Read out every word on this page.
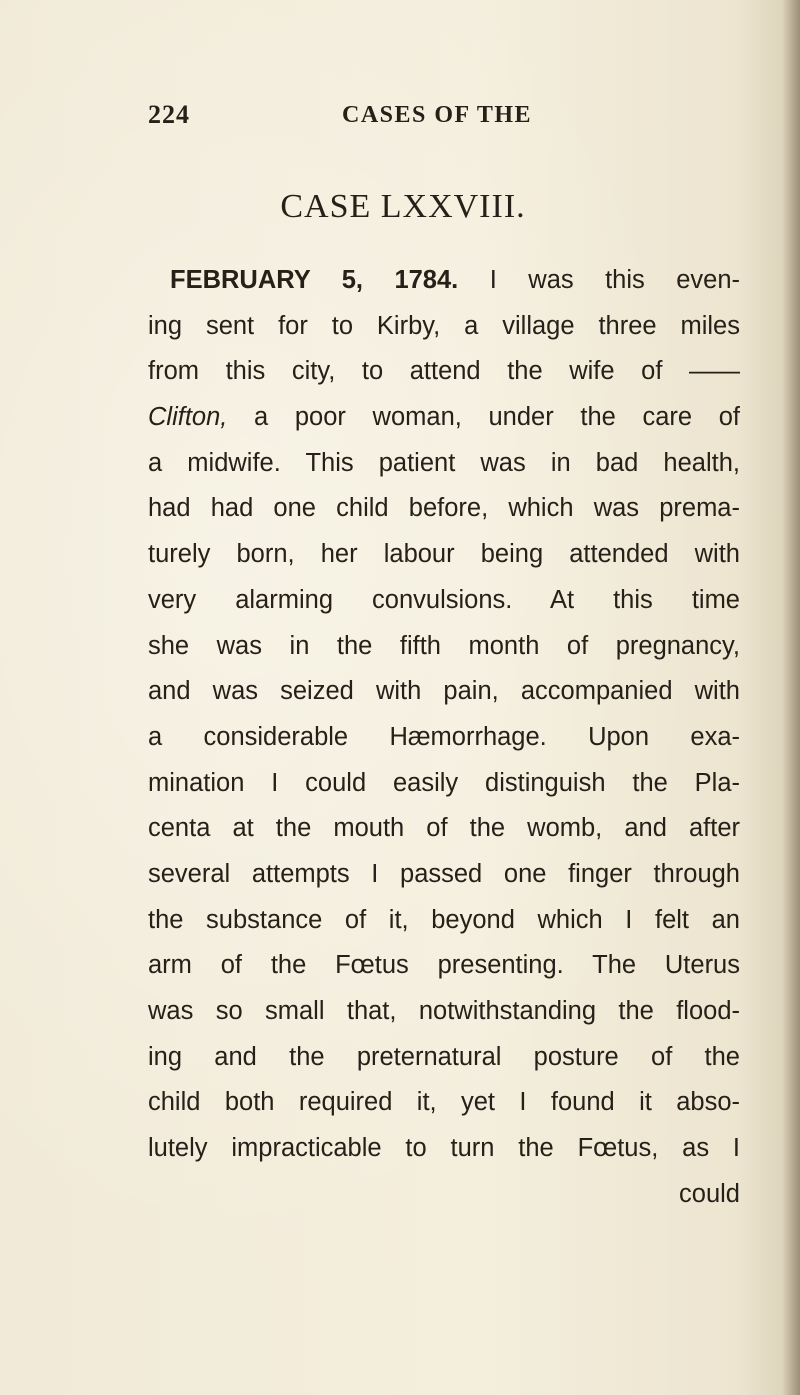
224	CASES OF THE
CASE LXXVIII.
FEBRUARY 5, 1784. I was this even-
ing sent for to Kirby, a village three miles
from this city, to attend the wife of ——
Clifton, a poor woman, under the care of
a midwife. This patient was in bad health,
had had one child before, which was prema-
turely born, her labour being attended with
very alarming convulsions. At this time
she was in the fifth month of pregnancy,
and was seized with pain, accompanied with
a considerable Hæmorrhage. Upon exa-
mination I could easily distinguish the Pla-
centa at the mouth of the womb, and after
several attempts I passed one finger through
the substance of it, beyond which I felt an
arm of the Fœtus presenting. The Uterus
was so small that, notwithstanding the flood-
ing and the preternatural posture of the
child both required it, yet I found it abso-
lutely impracticable to turn the Fœtus, as I
could
